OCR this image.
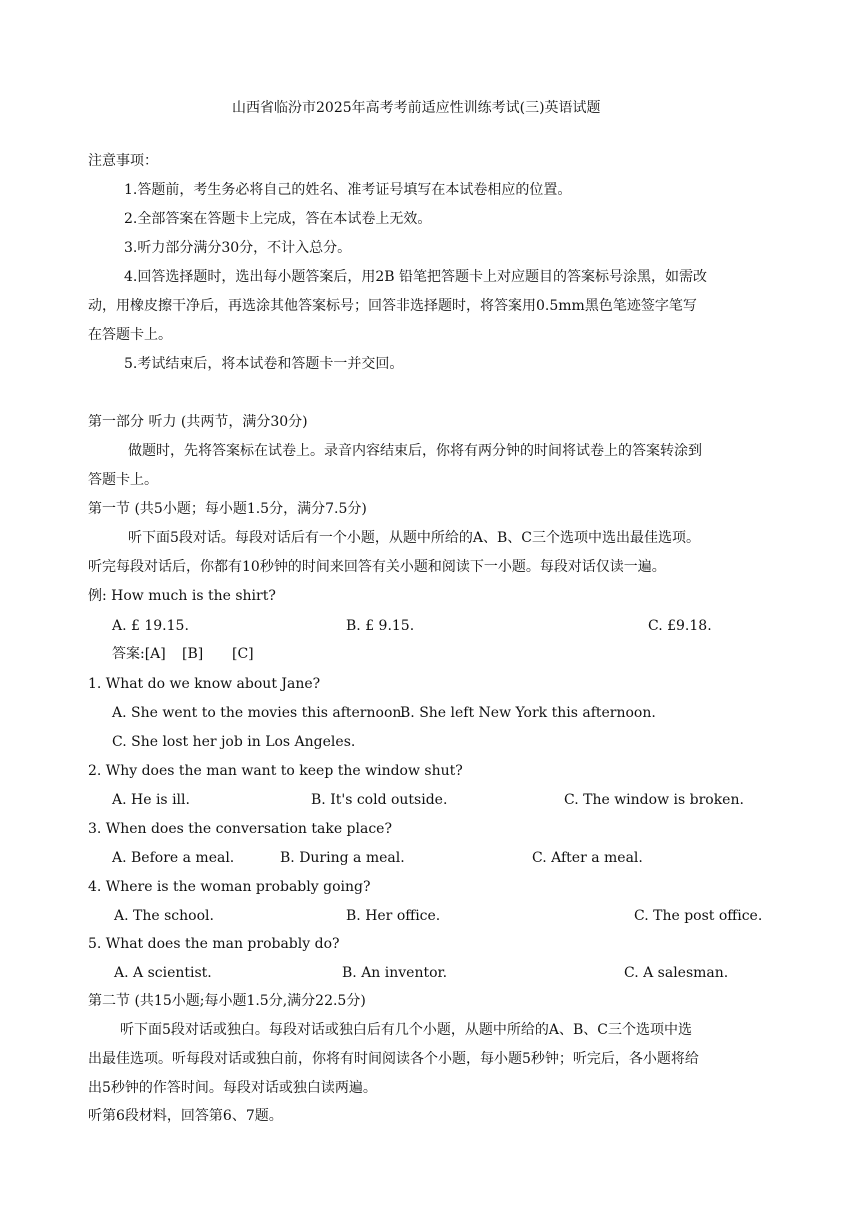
山西省临汾市2025年高考考前适应性训练考试(三)英语试题
注意事项：
1.答题前，考生务必将自己的姓名、准考证号填写在本试卷相应的位置。
2.全部答案在答题卡上完成，答在本试卷上无效。
3.听力部分满分30分，不计入总分。
4.回答选择题时，选出每小题答案后，用2B 铅笔把答题卡上对应题目的答案标号涂黑，如需改
动，用橡皮擦干净后，再选涂其他答案标号；回答非选择题时，将答案用0.5mm黑色笔迹签字笔写
在答题卡上。
5.考试结束后，将本试卷和答题卡一并交回。
第一部分 听力 (共两节，满分30分)
做题时，先将答案标在试卷上。录音内容结束后，你将有两分钟的时间将试卷上的答案转涂到
答题卡上。
第一节 (共5小题；每小题1.5分，满分7.5分)
听下面5段对话。每段对话后有一个小题，从题中所给的A、B、C三个选项中选出最佳选项。
听完每段对话后，你都有10秒钟的时间来回答有关小题和阅读下一小题。每段对话仅读一遍。
例: How much is the shirt?
A. £ 19.15.	B. £ 9.15.	C. £9.18.
答案:[A] [B] [C]
1. What do we know about Jane?
A. She went to the movies this afternoon.
B. She left New York this afternoon.
C. She lost her job in Los Angeles.
2. Why does the man want to keep the window shut?
A. He is ill.	B. It's cold outside.	C. The window is broken.
3. When does the conversation take place?
A. Before a meal.	B. During a meal.	C. After a meal.
4. Where is the woman probably going?
A. The school.	B. Her office.	C. The post office.
5. What does the man probably do?
A. A scientist.	B. An inventor.	C. A salesman.
第二节 (共15小题;每小题1.5分,满分22.5分)
听下面5段对话或独白。每段对话或独白后有几个小题，从题中所给的A、B、C三个选项中选
出最佳选项。听每段对话或独白前，你将有时间阅读各个小题，每小题5秒钟；听完后，各小题将给
出5秒钟的作答时间。每段对话或独白读两遍。
听第6段材料，回答第6、7题。
